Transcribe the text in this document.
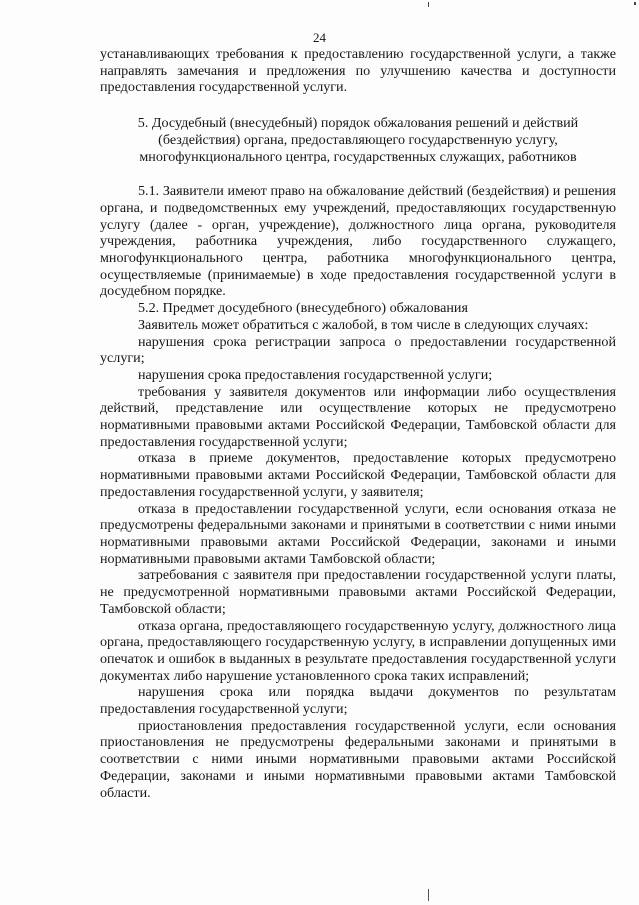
24

устанавливающих требования к предоставлению государственной услуги, а также направлять замечания и предложения по улучшению качества и доступности предоставления государственной услуги.

5. Досудебный (внесудебный) порядок обжалования решений и действий (бездействия) органа, предоставляющего государственную услугу, многофункционального центра, государственных служащих, работников

5.1. Заявители имеют право на обжалование действий (бездействия) и решения органа, и подведомственных ему учреждений, предоставляющих государственную услугу (далее - орган, учреждение), должностного лица органа, руководителя учреждения, работника учреждения, либо государственного служащего, многофункционального центра, работника многофункционального центра, осуществляемые (принимаемые) в ходе предоставления государственной услуги в досудебном порядке.

5.2. Предмет досудебного (внесудебного) обжалования

Заявитель может обратиться с жалобой, в том числе в следующих случаях:

нарушения срока регистрации запроса о предоставлении государственной услуги;

нарушения срока предоставления государственной услуги;

требования у заявителя документов или информации либо осуществления действий, представление или осуществление которых не предусмотрено нормативными правовыми актами Российской Федерации, Тамбовской области для предоставления государственной услуги;

отказа в приеме документов, предоставление которых предусмотрено нормативными правовыми актами Российской Федерации, Тамбовской области для предоставления государственной услуги, у заявителя;

отказа в предоставлении государственной услуги, если основания отказа не предусмотрены федеральными законами и принятыми в соответствии с ними иными нормативными правовыми актами Российской Федерации, законами и иными нормативными правовыми актами Тамбовской области;

затребования с заявителя при предоставлении государственной услуги платы, не предусмотренной нормативными правовыми актами Российской Федерации, Тамбовской области;

отказа органа, предоставляющего государственную услугу, должностного лица органа, предоставляющего государственную услугу, в исправлении допущенных ими опечаток и ошибок в выданных в результате предоставления государственной услуги документах либо нарушение установленного срока таких исправлений;

нарушения срока или порядка выдачи документов по результатам предоставления государственной услуги;

приостановления предоставления государственной услуги, если основания приостановления не предусмотрены федеральными законами и принятыми в соответствии с ними иными нормативными правовыми актами Российской Федерации, законами и иными нормативными правовыми актами Тамбовской области.
